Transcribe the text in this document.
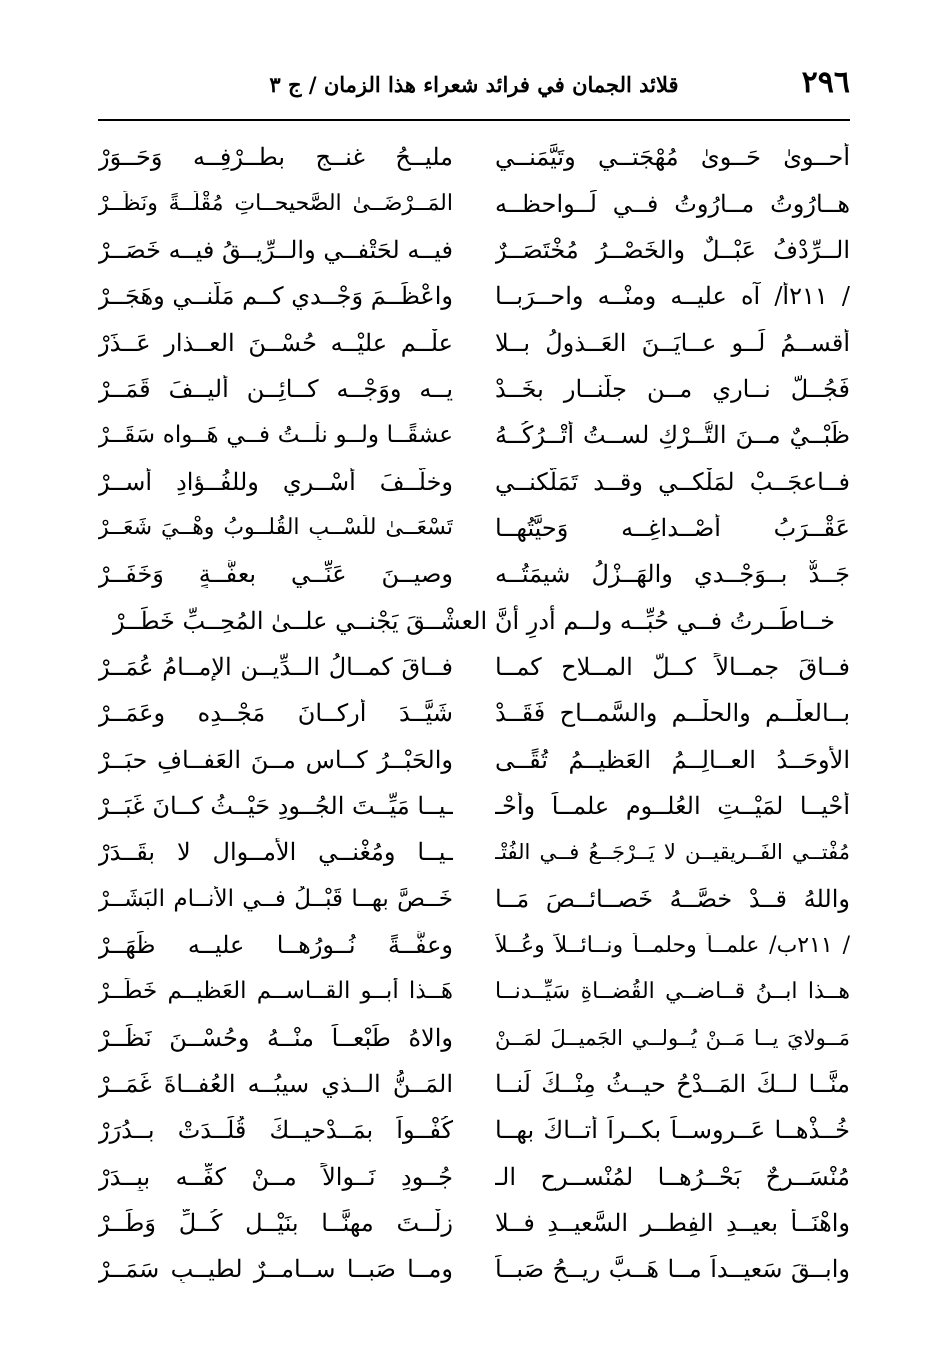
٢٩٦
قلائد الجمان في فرائد شعراء هذا الزمان / ج ٣
أحــوىٰ حَــوىٰ مُهْجَتــي وتَيَّمَنــي
مليــحُ غنــجٍ بطــرْفِــه وَحَــوَرْ
هــارُوتُ مــارُوتُ فــي لَــواحظــه
المَــرْضَــىٰ الصَّحيحــاتِ مُقْلَــةً ونَظَــرْ
الــرِّدْفُ عَبْــلٌ والخَصْــرُ مُخْتَصَــرٌ
فيــه لحَتْفــي والــرِّيــقُ فيــه خَصَــرْ
/ ٢١١أ/ آه عليــه ومنْــه واحــرَبــا
واعْظَــمَ وَجْــدي كــم مَلَّنــي وهَجَــرْ
أقســمُ لَــو عــايَــنَ العَــذولُ بــلا
علْــمٍ عليْــه حُسْــنَ العــذارِ عَــذَرْ
فَجُــلُّ نــاري مــن جلَّنــارِ بخَــدْ
يــه ووَجْــه كــائِــنٍ أليــفَ قَمَــرْ
ظَبْــيٌ مــنَ التُّــرْكِ لســتُ أتْــرُكُــهُ
عشقًــا ولــو نلْــتُ فــي هَــواه سَقَــرْ
فــاعجَــبْ لمَلْكــي وقــد تَمَلَّكنــي
وخلَّــفَ أسْــري وللفُــؤادِ أســرْ
عَقْــرَبُ أصْــداغِــه وَحيَّتُهــا
تَسْعَــىٰ للَسْــبِ القُلــوبُ وهْــيَ شَعَــرْ
جَــدٌّ بــوَجْــدي والهَــزْلُ شيمَتُــه
وصيــنَ عَنِّــي بعفَّــةٍ وَخَفَــرْ
خــاطَــرتُ فــي حُبِّــه ولــم أدرِ أنَّ العشْــقَ يَجْنــي علــىٰ المُحِــبِّ خَطَــرْ
فــاقَ جمــالاً كــلَّ المــلاحِ كمــا
فــاقَ كمــالُ الــدِّيــنِ الإمــامُ عُمَــرْ
بــالعلْــمِ والحلْــمِ والسَّمــاحِ فَقَــدْ
شَيَّــدَ أركــانَ مَجْــدِه وعَمَــرْ
الأوحَــدُ العــالِــمُ العَظيــمُ تُقًــى
والحَبْــرُ كــاسِ مــنَ العَفــافِ حبَــرْ
أحْيــا لمَيْــتِ العُلــومِ علمــاً وأحْـ
ـيــا مَيِّــتَ الجُــودِ حَيْــثُ كــانَ غَبَــرْ
مُفْتــي الفَــريقيــنِ لا يَــرْجَــعُ فــي الفُتْـ
ـيــا ومُغْنــي الأمــوالِ لا بقَــدَرْ
واللهُ قــدْ خصَّــهُ خَصــائــصَ مَــا
خَــصَّ بهــا قَبْــلُ فــي الأنــامِ البَشَــرْ
/ ٢١١ب/ علمــاً وحلمــاً ونــائــلاً وعُــلاً
وعفَّــةً نُــورُهــا عليــه ظَهَــرْ
هــذا ابــنُ قــاضــي القُضــاةِ سَيِّــدنــا
هَــذا أبــو القــاســمِ العَظيــمِ خَطَــرْ
مَــولايَ يــا مَــنْ يُــولــي الجَميــلَ لمَــنْ
والاهُ طَبْعــاً منْــهُ وحُسْــنَ نَظَــرْ
منَّــا لــكَ المَــدْحُ حيــثُ مِنْــكَ لَنــا
المَــنُّ الــذي سيبُــه العُفــاةَ غَمَــرْ
خُــذْهــا عَــروســاً بكــراً أتــاكَ بهــا
كُفْــواً بمَــدْحيــكَ قُلِّــدَتْ بــدُرَرْ
مُنْسَــرحٌ بَحْــرُهــا لمُنْســرحِ الـ
جُــودِ نَــوالاً مــنْ كفِّــه ببِــدَرْ
واهْنَــأ بعيــدِ الفِطــرِ السَّعيــدِ فــلا
زِلْــتَ مهنًّــا بنَيْــلِ كُــلِّ وَطَــرْ
وابــقَ سَعيــداً مــا هَــبَّ رِيــحُ صَبــاً
ومــا صَبــا ســامــرٌ لطيــبِ سَمَــرْ
